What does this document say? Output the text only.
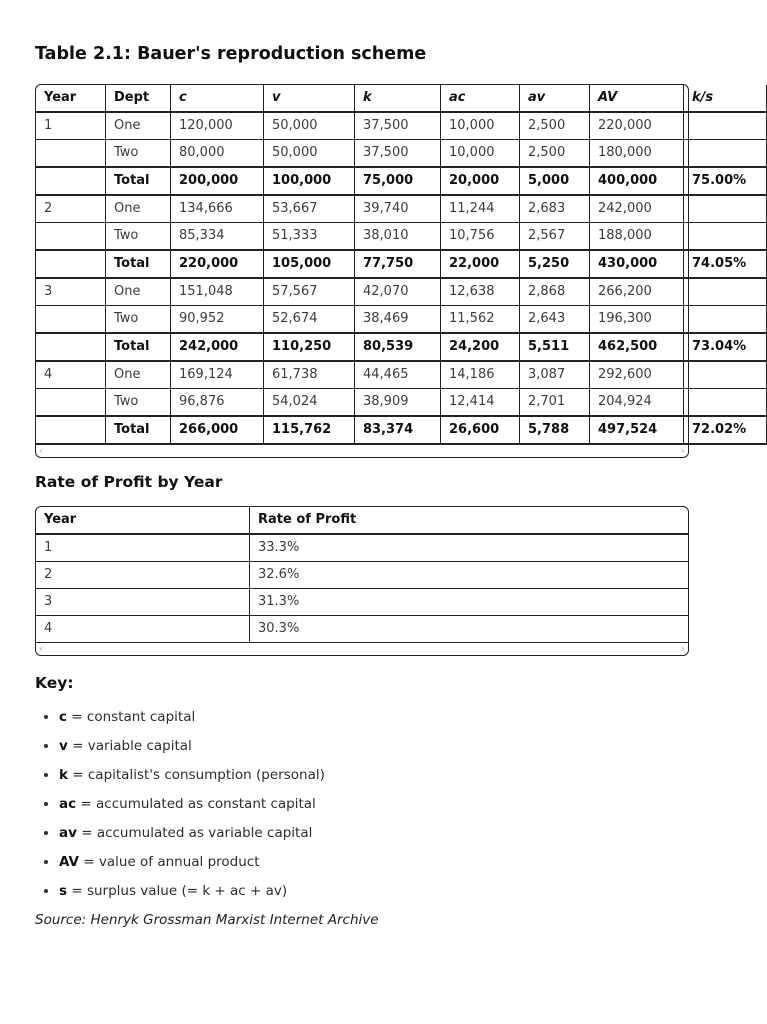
Table 2.1: Bauer's reproduction scheme
Year	Dept	c	v	k	ac	av	AV	k/s	
1	One	120,000	50,000	37,500	10,000	2,500	220,000		
	Two	80,000	50,000	37,500	10,000	2,500	180,000		
	Total	200,000	100,000	75,000	20,000	5,000	400,000	75.00%	
2	One	134,666	53,667	39,740	11,244	2,683	242,000		
	Two	85,334	51,333	38,010	10,756	2,567	188,000		
	Total	220,000	105,000	77,750	22,000	5,250	430,000	74.05%	
3	One	151,048	57,567	42,070	12,638	2,868	266,200		
	Two	90,952	52,674	38,469	11,562	2,643	196,300		
	Total	242,000	110,250	80,539	24,200	5,511	462,500	73.04%	
4	One	169,124	61,738	44,465	14,186	3,087	292,600		
	Two	96,876	54,024	38,909	12,414	2,701	204,924		
	Total	266,000	115,762	83,374	26,600	5,788	497,524	72.02%	
‹	›
Rate of Profit by Year
Year	Rate of Profit
1	33.3%
2	32.6%
3	31.3%
4	30.3%
‹	›
Key:
• c = constant capital
• v = variable capital
• k = capitalist's consumption (personal)
• ac = accumulated as constant capital
• av = accumulated as variable capital
• AV = value of annual product
• s = surplus value (= k + ac + av)
Source: Henryk Grossman Marxist Internet Archive
